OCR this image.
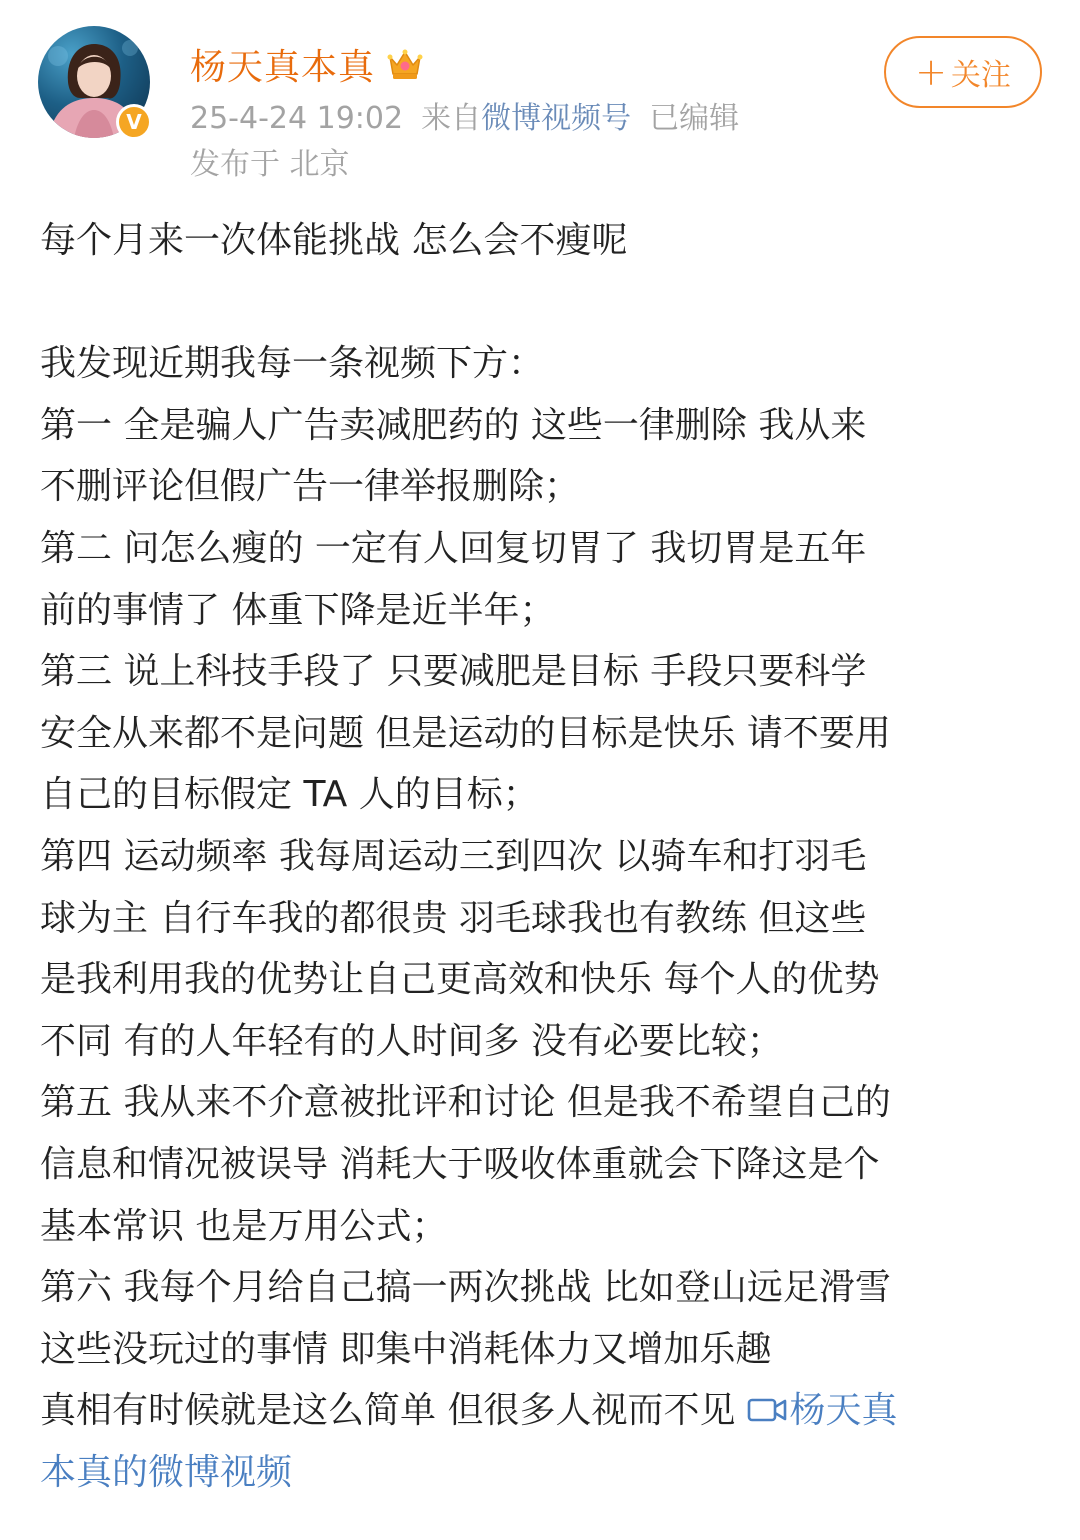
V
杨天真本真
25-4-24 19:02 来自微博视频号 已编辑
发布于 北京
+ 关注

每个月来一次体能挑战 怎么会不瘦呢

我发现近期我每一条视频下方：

第一 全是骗人广告卖减肥药的 这些一律删除 我从来

不删评论但假广告一律举报删除；

第二 问怎么瘦的 一定有人回复切胃了 我切胃是五年

前的事情了 体重下降是近半年；

第三 说上科技手段了 只要减肥是目标 手段只要科学

安全从来都不是问题 但是运动的目标是快乐 请不要用

自己的目标假定 TA 人的目标；

第四 运动频率 我每周运动三到四次 以骑车和打羽毛

球为主 自行车我的都很贵 羽毛球我也有教练 但这些

是我利用我的优势让自己更高效和快乐 每个人的优势

不同 有的人年轻有的人时间多 没有必要比较；

第五 我从来不介意被批评和讨论 但是我不希望自己的

信息和情况被误导 消耗大于吸收体重就会下降这是个

基本常识 也是万用公式；

第六 我每个月给自己搞一两次挑战 比如登山远足滑雪

这些没玩过的事情 即集中消耗体力又增加乐趣

真相有时候就是这么简单 但很多人视而不见 杨天真

本真的微博视频
